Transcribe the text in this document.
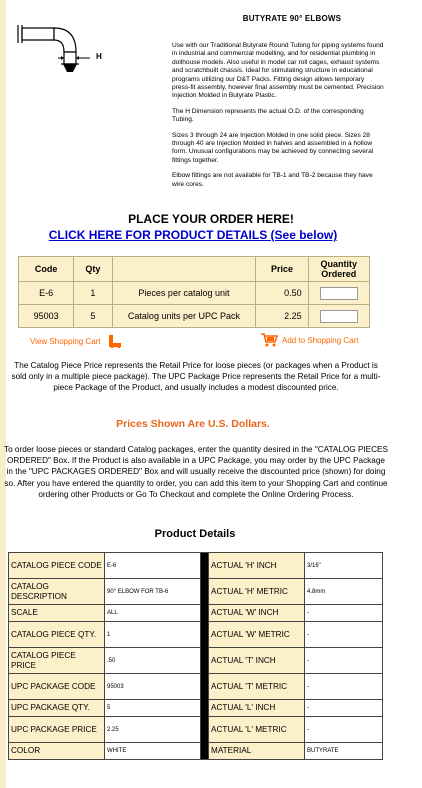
H
BUTYRATE 90° ELBOWS

Use with our Traditional Butyrate Round Tubing for piping systems found in industrial and commercial modelling, and for residential plumbing in dollhouse models. Also useful in model car roll cages, exhaust systems and scratchbuilt chassis. Ideal for stimulating structure in educational programs utilizing our D&T Packs. Fitting design allows temporary press-fit assembly, however final assembly must be cemented. Precision Injection Molded in Butyrate Plastic.

The H Dimension represents the actual O.D. of the corresponding Tubing.

Sizes 3 through 24 are Injection Molded in one solid piece. Sizes 28 through 40 are Injection Molded in halves and assembled in a hollow form. Unusual configurations may be achieved by connecting several fittings together.

Elbow fittings are not available for TB-1 and TB-2 because they have wire cores.

PLACE YOUR ORDER HERE!
CLICK HERE FOR PRODUCT DETAILS (See below)
Code	Qty		Price	Quantity Ordered
E-6	1	Pieces per catalog unit	0.50	
95003	5	Catalog units per UPC Pack	2.25	
View Shopping Cart	Add to Shopping Cart
The Catalog Piece Price represents the Retail Price for loose pieces (or packages when a Product is sold only in a multiple piece package). The UPC Package Price represents the Retail Price for a multi-piece Package of the Product, and usually includes a modest discounted price.
Prices Shown Are U.S. Dollars.
To order loose pieces or standard Catalog packages, enter the quantity desired in the "CATALOG PIECES ORDERED" Box. If the Product is also available in a UPC Package, you may order by the UPC Package in the "UPC PACKAGES ORDERED" Box and will usually receive the discounted price (shown) for doing so. After you have entered the quantity to order, you can add this item to your Shopping Cart and continue ordering other Products or Go To Checkout and complete the Online Ordering Process.
Product Details
CATALOG PIECE CODE	E-6		ACTUAL 'H' INCH	3/16"
CATALOG DESCRIPTION	90° ELBOW FOR TB-6		ACTUAL 'H' METRIC	4.8mm
SCALE	ALL		ACTUAL 'W' INCH	-
CATALOG PIECE QTY.	1		ACTUAL 'W' METRIC	-
CATALOG PIECE PRICE	.50		ACTUAL 'T' INCH	-
UPC PACKAGE CODE	95003		ACTUAL 'T' METRIC	-
UPC PACKAGE QTY.	5		ACTUAL 'L' INCH	-
UPC PACKAGE PRICE	2.25		ACTUAL 'L' METRIC	-
COLOR	WHITE		MATERIAL	BUTYRATE
